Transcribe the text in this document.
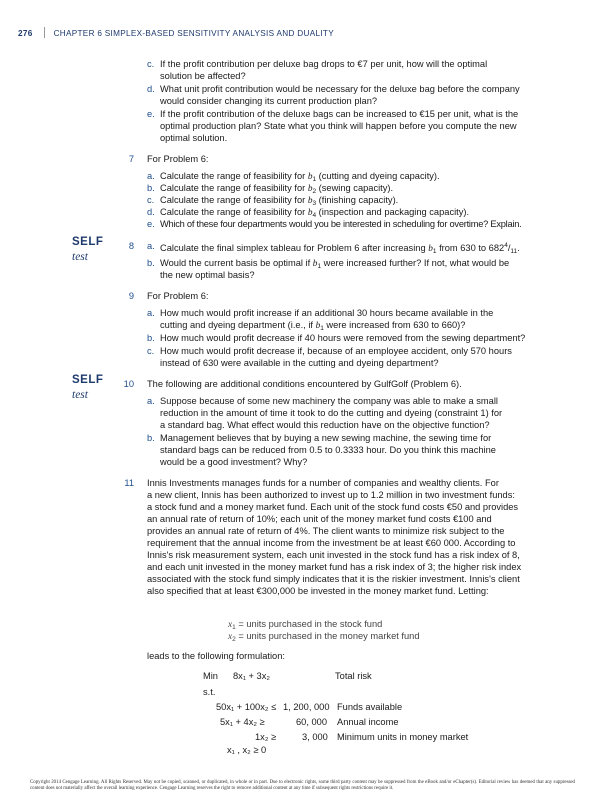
276	CHAPTER 6 SIMPLEX-BASED SENSITIVITY ANALYSIS AND DUALITY
c. If the profit contribution per deluxe bag drops to €7 per unit, how will the optimal
solution be affected?
d. What unit profit contribution would be necessary for the deluxe bag before the company
would consider changing its current production plan?
e. If the profit contribution of the deluxe bags can be increased to €15 per unit, what is the
optimal production plan? State what you think will happen before you compute the new
optimal solution.
7 For Problem 6:
a. Calculate the range of feasibility for $b_1$ (cutting and dyeing capacity).
b. Calculate the range of feasibility for $b_2$ (sewing capacity).
c. Calculate the range of feasibility for $b_3$ (finishing capacity).
d. Calculate the range of feasibility for $b_4$ (inspection and packaging capacity).
e. Which of these four departments would you be interested in scheduling for overtime? Explain.
SELF
test
8 a. Calculate the final simplex tableau for Problem 6 after increasing $b_1$ from 630 to $682^4/_{11}$.
b. Would the current basis be optimal if $b_1$ were increased further? If not, what would be
the new optimal basis?
9 For Problem 6:
a. How much would profit increase if an additional 30 hours became available in the
cutting and dyeing department (i.e., if $b_1$ were increased from 630 to 660)?
b. How much would profit decrease if 40 hours were removed from the sewing department?
c. How much would profit decrease if, because of an employee accident, only 570 hours
instead of 630 were available in the cutting and dyeing department?
SELF
test
10 The following are additional conditions encountered by GulfGolf (Problem 6).
a. Suppose because of some new machinery the company was able to make a small
reduction in the amount of time it took to do the cutting and dyeing (constraint 1) for
a standard bag. What effect would this reduction have on the objective function?
b. Management believes that by buying a new sewing machine, the sewing time for
standard bags can be reduced from 0.5 to 0.3333 hour. Do you think this machine
would be a good investment? Why?
11 Innis Investments manages funds for a number of companies and wealthy clients. For
a new client, Innis has been authorized to invest up to 1.2 million in two investment funds:
a stock fund and a money market fund. Each unit of the stock fund costs €50 and provides
an annual rate of return of 10%; each unit of the money market fund costs €100 and
provides an annual rate of return of 4%. The client wants to minimize risk subject to the
requirement that the annual income from the investment be at least €60 000. According to
Innis's risk measurement system, each unit invested in the stock fund has a risk index of 8,
and each unit invested in the money market fund has a risk index of 3; the higher risk index
associated with the stock fund simply indicates that it is the riskier investment. Innis's client
also specified that at least €300,000 be invested in the money market fund. Letting:
$x_1$ = units purchased in the stock fund
$x_2$ = units purchased in the money market fund
leads to the following formulation:
Min 8x₁ + 3x₂	Total risk
s.t.
50x₁ + 100x₂ ≤ 1, 200, 000 Funds available
5x₁ + 4x₂ ≥	60, 000 Annual income
1x₂ ≥	3, 000 Minimum units in money market
x₁ , x₂ ≥ 0
Copyright 2014 Cengage Learning. All Rights Reserved. May not be copied, scanned, or duplicated, in whole or in part. Due to electronic rights, some third party content may be suppressed from the eBook and/or eChapter(s). Editorial review has deemed that any suppressed content does not materially affect the overall learning experience. Cengage Learning reserves the right to remove additional content at any time if subsequent rights restrictions require it.
